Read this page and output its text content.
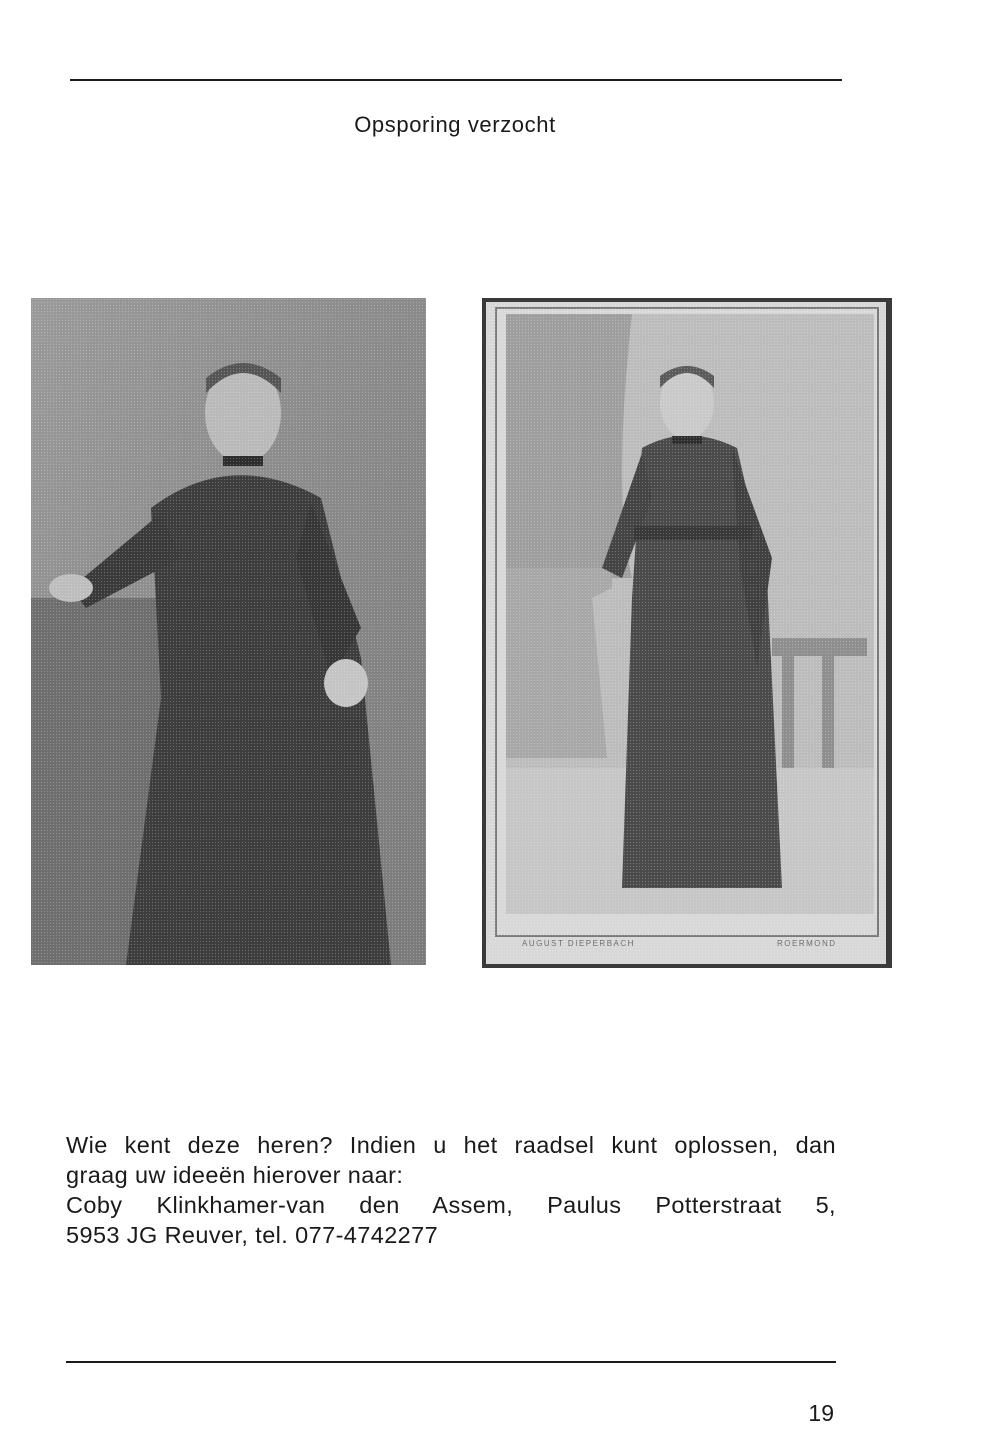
Opsporing verzocht
Wie kent deze heren? Indien u het raadsel kunt oplossen, dan
graag uw ideeën hierover naar:
Coby Klinkhamer-van den Assem, Paulus Potterstraat 5,
5953 JG Reuver, tel. 077-4742277
19
